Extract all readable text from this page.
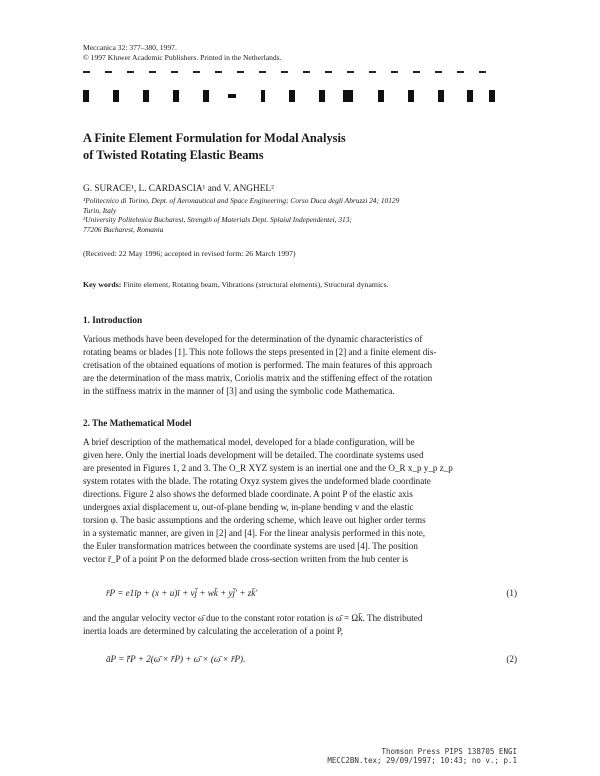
Meccanica 32: 377–380, 1997.
© 1997 Kluwer Academic Publishers. Printed in the Netherlands.
A Finite Element Formulation for Modal Analysis
of Twisted Rotating Elastic Beams
G. SURACE¹, L. CARDASCIA¹ and V. ANGHEL²
¹Politecnico di Torino, Dept. of Aeronautical and Space Engineering; Corso Duca degli Abruzzi 24; 10129
Turin, Italy
²University Politehnica Bucharest, Strength of Materials Dept. Splaiul Independentei, 313;
77206 Bucharest, Romania
(Received: 22 May 1996; accepted in revised form: 26 March 1997)
Key words: Finite element, Rotating beam, Vibrations (structural elements), Structural dynamics.
1. Introduction
Various methods have been developed for the determination of the dynamic characteristics of
rotating beams or blades [1]. This note follows the steps presented in [2] and a finite element dis-
cretisation of the obtained equations of motion is performed. The main features of this approach
are the determination of the mass matrix, Coriolis matrix and the stiffening effect of the rotation
in the stiffness matrix in the manner of [3] and using the symbolic code Mathematica.
2. The Mathematical Model
A brief description of the mathematical model, developed for a blade configuration, will be
given here. Only the inertial loads development will be detailed. The coordinate systems used
are presented in Figures 1, 2 and 3. The O_R XYZ system is an inertial one and the O_R x_p y_p z_p
system rotates with the blade. The rotating Oxyz system gives the undeformed blade coordinate
directions. Figure 2 also shows the deformed blade coordinate. A point P of the elastic axis
undergoes axial displacement u, out-of-plane bending w, in-plane bending v and the elastic
torsion φ. The basic assumptions and the ordering scheme, which leave out higher order terms
in a systematic manner, are given in [2] and [4]. For the linear analysis performed in this note,
the Euler transformation matrices between the coordinate systems are used [4]. The position
vector r̄_P of a point P on the deformed blade cross-section written from the hub center is
r̄P = e1īp + (x + u)ī + vj̄ + wk̄ + yj̄′ + zk̄′	(1)
and the angular velocity vector ω̄ due to the constant rotor rotation is ω̄ = Ωk̄. The distributed
inertia loads are determined by calculating the acceleration of a point P,
āP = r̄̈P + 2(ω̄ × r̄̇P) + ω̄ × (ω̄ × r̄P).	(2)
Thomson Press PIPS 138705 ENGI
MECC2BN.tex; 29/09/1997; 10:43; no v.; p.1
